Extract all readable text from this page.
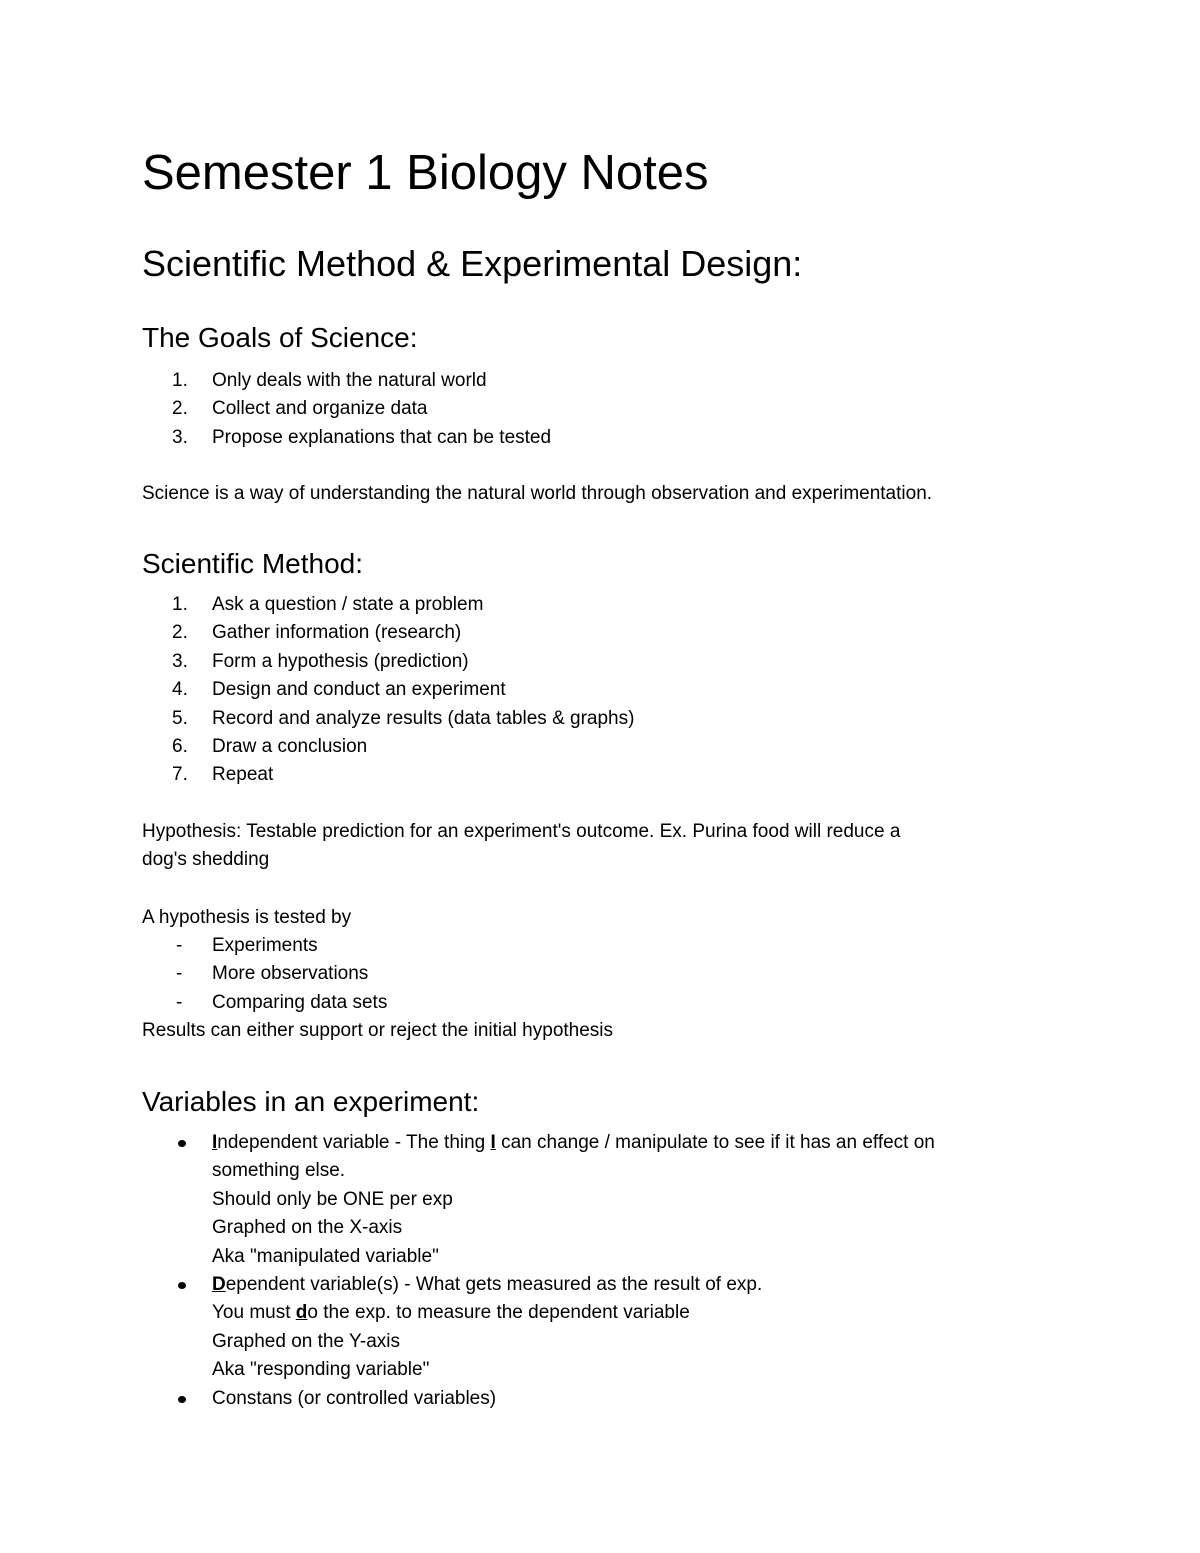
Semester 1 Biology Notes
Scientific Method & Experimental Design:
The Goals of Science:
1.	Only deals with the natural world
2.	Collect and organize data
3.	Propose explanations that can be tested

Science is a way of understanding the natural world through observation and experimentation.

Scientific Method:
1.	Ask a question / state a problem
2.	Gather information (research)
3.	Form a hypothesis (prediction)
4.	Design and conduct an experiment
5.	Record and analyze results (data tables & graphs)
6.	Draw a conclusion
7.	Repeat

Hypothesis: Testable prediction for an experiment's outcome. Ex. Purina food will reduce a
dog's shedding

A hypothesis is tested by

- Experiments
- More observations
- Comparing data sets

Results can either support or reject the initial hypothesis

Variables in an experiment:
Independent variable - The thing I can change / manipulate to see if it has an effect on
something else.
Should only be ONE per exp
Graphed on the X-axis
Aka "manipulated variable"
Dependent variable(s) - What gets measured as the result of exp.
You must do the exp. to measure the dependent variable
Graphed on the Y-axis
Aka "responding variable"
Constans (or controlled variables)
